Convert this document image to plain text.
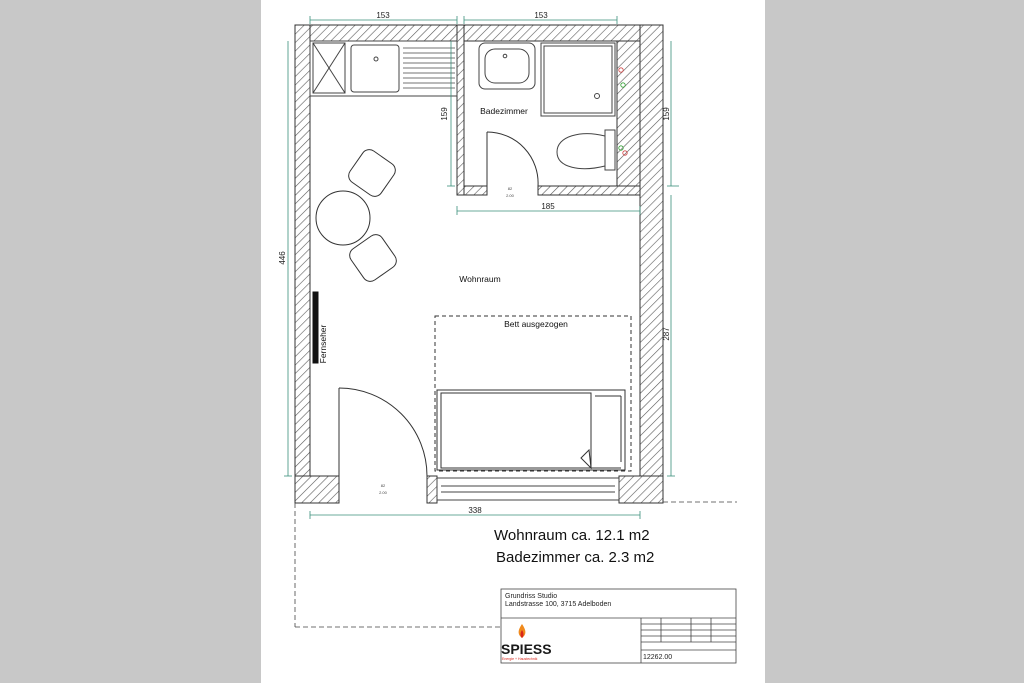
153	153
159	159
185
446
287
338
Badezimmer
Wohnraum
Bett ausgezogen
Fernseher
82
2.00
82
2.00
Wohnraum ca. 12.1 m2
Badezimmer ca. 2.3 m2
Grundriss Studio
Landstrasse 100, 3715 Adelboden
12262.00
SPIESS
Energie + Haustechnik
